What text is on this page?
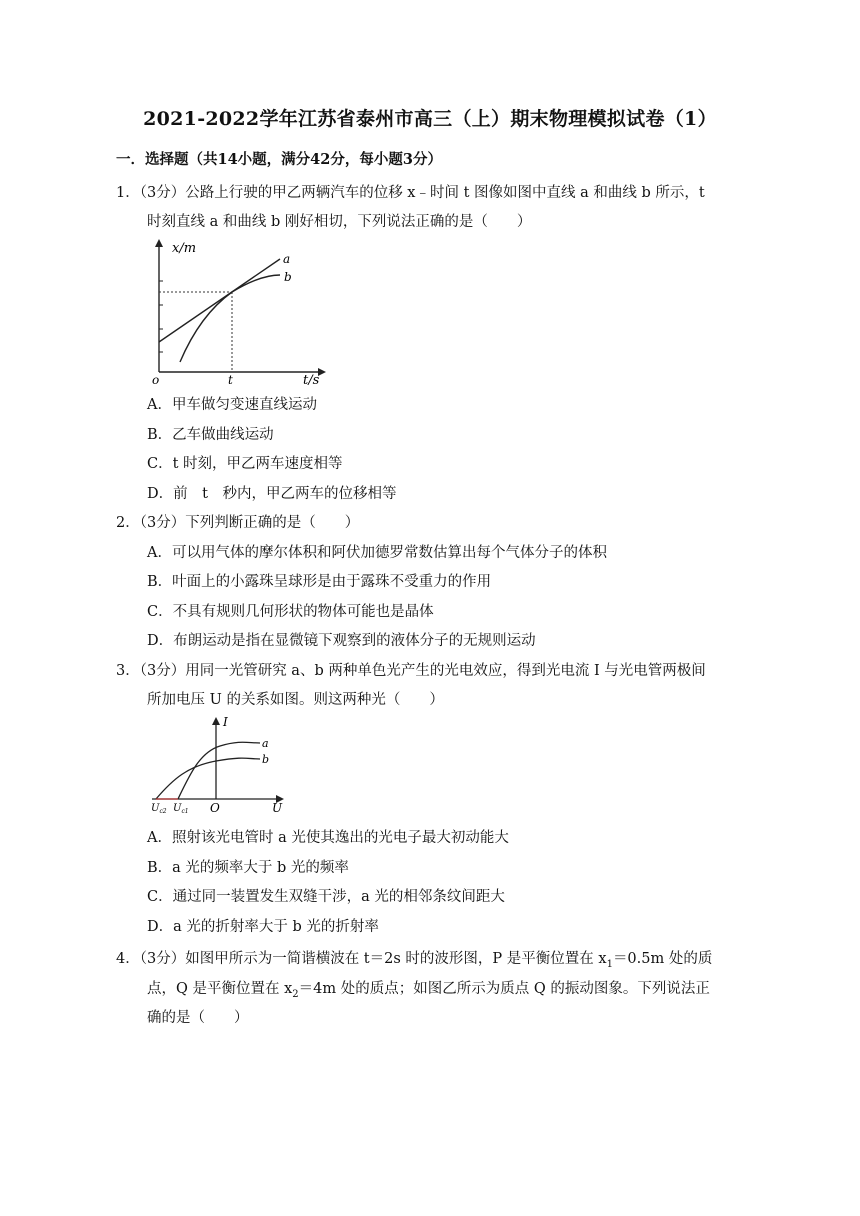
2021-2022学年江苏省泰州市高三（上）期末物理模拟试卷（1）
一．选择题（共14小题，满分42分，每小题3分）
1．（3分）公路上行驶的甲乙两辆汽车的位移 x﹣时间 t 图像如图中直线 a 和曲线 b 所示，t
时刻直线 a 和曲线 b 刚好相切，下列说法正确的是（　　）
x/m
t/s
o	t
a
b
A．甲车做匀变速直线运动
B．乙车做曲线运动
C．t 时刻，甲乙两车速度相等
D．前　t　秒内，甲乙两车的位移相等
2．（3分）下列判断正确的是（　　）
A．可以用气体的摩尔体积和阿伏加德罗常数估算出每个气体分子的体积
B．叶面上的小露珠呈球形是由于露珠不受重力的作用
C．不具有规则几何形状的物体可能也是晶体
D．布朗运动是指在显微镜下观察到的液体分子的无规则运动
3．（3分）用同一光管研究 a、b 两种单色光产生的光电效应，得到光电流 I 与光电管两极间
所加电压 U 的关系如图。则这两种光（　　）
I
U
O
a
b
$U_{c2}$ $U_{c1}$
A．照射该光电管时 a 光使其逸出的光电子最大初动能大
B．a 光的频率大于 b 光的频率
C．通过同一装置发生双缝干涉，a 光的相邻条纹间距大
D．a 光的折射率大于 b 光的折射率
4．（3分）如图甲所示为一简谐横波在 t＝2s 时的波形图，P 是平衡位置在 $x_1=0.5m$ 处的质
点，Q 是平衡位置在 $x_2=4m$ 处的质点；如图乙所示为质点 Q 的振动图象。下列说法正
确的是（　　）
